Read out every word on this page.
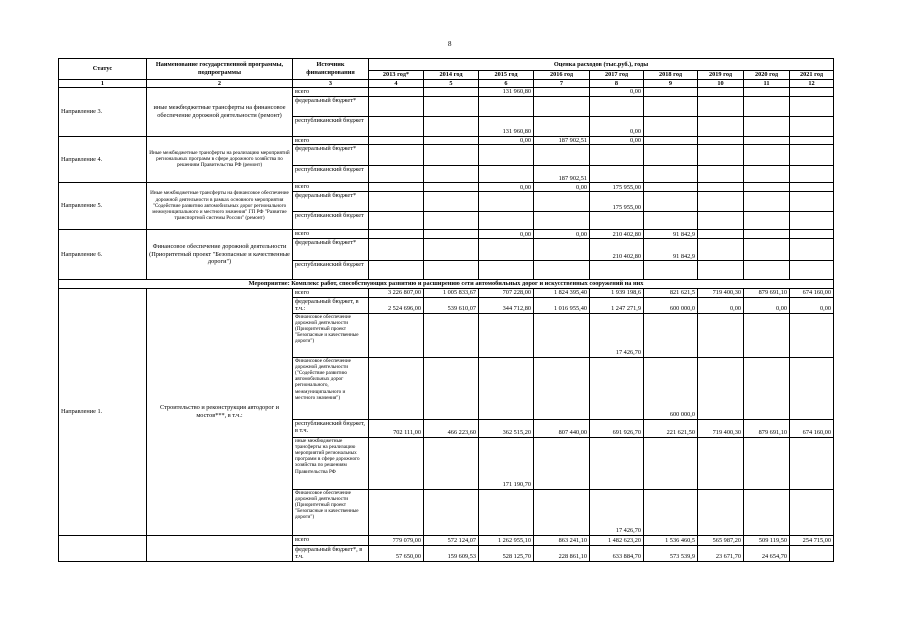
8
Статус	Наименование государственной программы, подпрограммы	Источник финансирования	Оценка расходов (тыс.руб.), годы								
			2013 год*	2014 год	2015 год	2016 год	2017 год	2018 год	2019 год	2020 год	2021 год
1	2	3	4	5	6	7	8	9	10	11	12
Направление 3.	иные межбюджетные трансферты на финансовое обеспечение дорожной деятельности (ремонт)	всего			131 960,80		0,00				
		федеральный бюджет*									
		республиканский бюджет			131 960,80		0,00				
Направление 4.	Иные межбюджетные трансферты на реализацию мероприятий региональных программ в сфере дорожного хозяйства по решениям Правительства РФ (ремонт)	всего			0,00	187 902,51	0,00				
		федеральный бюджет*									
		республиканский бюджет				187 902,51					
Направление 5.	Иные межбюджетные трансферты на финансовое обеспечение дорожной деятельности в рамках основного мероприятия "Содействие развитию автомобильных дорог регионального межмуниципального и местного значения" ГП РФ "Развитие транспортной системы России" (ремонт)	всего			0,00	0,00	175 955,00				
		федеральный бюджет*					175 955,00				
		республиканский бюджет									
Направление 6.	Финансовое обеспечение дорожной деятельности (Приоритетный проект "Безопасные и качественные дороги")	всего			0,00	0,00	210 402,80	91 842,9			
		федеральный бюджет*					210 402,80	91 842,9			
		республиканский бюджет									
Мероприятие: Комплекс работ, способствующих развитию и расширению сети автомобильных дорог и искусственных сооружений на них											
Направление 1.	Строительство и реконструкция автодорог и мостов***, в т.ч.:	всего	3 226 807,00	1 005 833,67	707 228,00	1 824 395,40	1 939 198,6	821 621,5	719 400,30	879 691,10	674 160,00
		федеральный бюджет, в т.ч.:	2 524 696,00	539 610,07	344 712,80	1 016 955,40	1 247 271,9	600 000,0	0,00	0,00	0,00
		Финансовое обеспечение дорожной деятельности (Приоритетный проект "Безопасные и качественные дороги")					17 426,70				
		Финансовое обеспечение дорожной деятельности ("Содействие развитию автомобильных дорог регионального, межмуниципального и местного значения")						600 000,0			
		республиканский бюджет, в т.ч.	702 111,00	466 223,60	362 515,20	807 440,00	691 926,70	221 621,50	719 400,30	879 691,10	674 160,00
		иные межбюджетные трансферты на реализацию мероприятий региональных программ в сфере дорожного хозяйства по решениям Правительства РФ			171 190,70						
		Финансовое обеспечение дорожной деятельности (Приоритетный проект "Безопасные и качественные дороги")					17 426,70				
		всего	779 079,00	572 124,07	1 262 955,10	863 241,10	1 482 623,20	1 536 460,5	565 987,20	509 119,50	254 715,00
		федеральный бюджет*, в т.ч.	57 650,00	159 609,53	528 125,70	228 861,10	633 884,70	573 539,9	23 671,70	24 654,70	
